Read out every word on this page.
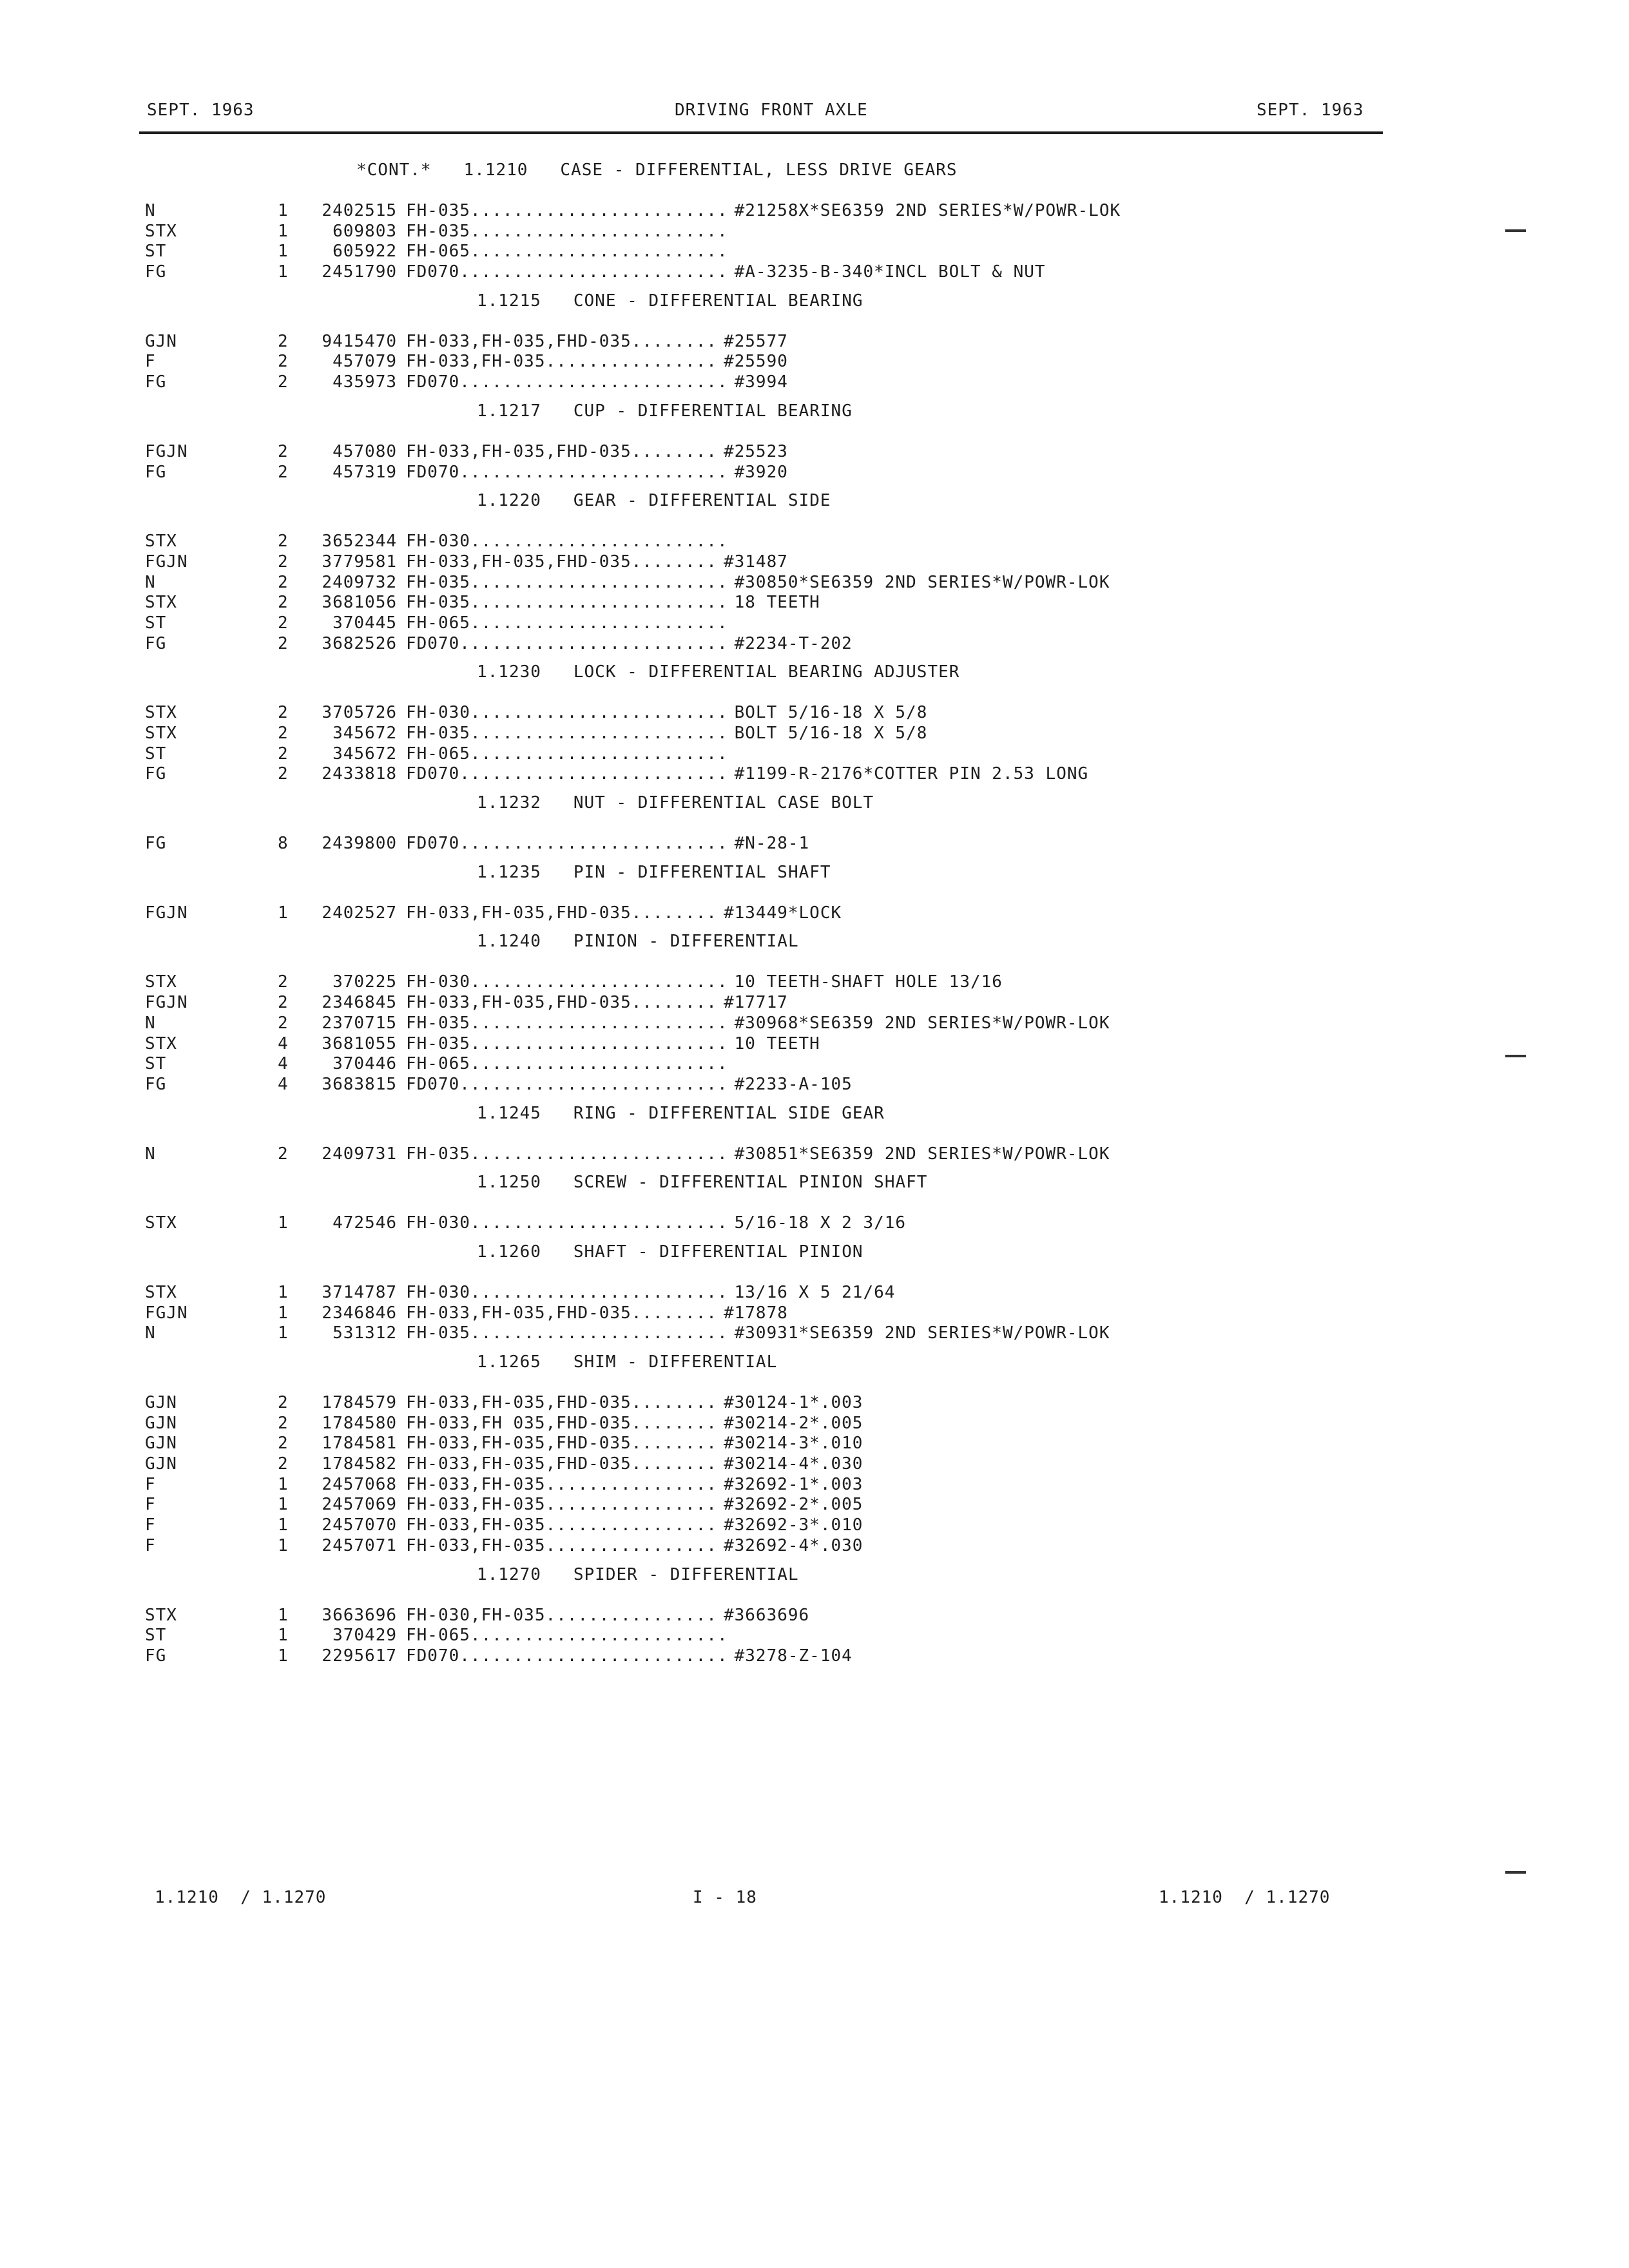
SEPT. 1963	DRIVING FRONT AXLE	SEPT. 1963
*CONT.*   1.1210   CASE - DIFFERENTIAL, LESS DRIVE GEARS
N	1 2402515 FH-035........................ #21258X*SE6359 2ND SERIES*W/POWR-LOK
STX	1	609803 FH-035........................
ST	1	605922 FH-065........................
FG	1 2451790 FD070......................... #A-3235-B-340*INCL BOLT & NUT
1.1215   CONE - DIFFERENTIAL BEARING
GJN	2 9415470 FH-033,FH-035,FHD-035........ #25577
F	2	457079 FH-033,FH-035................ #25590
FG	2	435973 FD070......................... #3994
1.1217   CUP - DIFFERENTIAL BEARING
FGJN	2	457080 FH-033,FH-035,FHD-035........ #25523
FG	2	457319 FD070......................... #3920
1.1220   GEAR - DIFFERENTIAL SIDE
STX	2 3652344 FH-030........................
FGJN	2 3779581 FH-033,FH-035,FHD-035........ #31487
N	2 2409732 FH-035........................ #30850*SE6359 2ND SERIES*W/POWR-LOK
STX	2 3681056 FH-035........................ 18 TEETH
ST	2	370445 FH-065........................
FG	2 3682526 FD070......................... #2234-T-202
1.1230   LOCK - DIFFERENTIAL BEARING ADJUSTER
STX	2 3705726 FH-030........................ BOLT 5/16-18 X 5/8
STX	2	345672 FH-035........................ BOLT 5/16-18 X 5/8
ST	2	345672 FH-065........................
FG	2 2433818 FD070......................... #1199-R-2176*COTTER PIN 2.53 LONG
1.1232   NUT - DIFFERENTIAL CASE BOLT
FG	8 2439800 FD070......................... #N-28-1
1.1235   PIN - DIFFERENTIAL SHAFT
FGJN	1 2402527 FH-033,FH-035,FHD-035........ #13449*LOCK
1.1240   PINION - DIFFERENTIAL
STX	2	370225 FH-030........................ 10 TEETH-SHAFT HOLE 13/16
FGJN	2 2346845 FH-033,FH-035,FHD-035........ #17717
N	2 2370715 FH-035........................ #30968*SE6359 2ND SERIES*W/POWR-LOK
STX	4 3681055 FH-035........................ 10 TEETH
ST	4	370446 FH-065........................
FG	4 3683815 FD070......................... #2233-A-105
1.1245   RING - DIFFERENTIAL SIDE GEAR
N	2 2409731 FH-035........................ #30851*SE6359 2ND SERIES*W/POWR-LOK
1.1250   SCREW - DIFFERENTIAL PINION SHAFT
STX	1	472546 FH-030........................ 5/16-18 X 2 3/16
1.1260   SHAFT - DIFFERENTIAL PINION
STX	1 3714787 FH-030........................ 13/16 X 5 21/64
FGJN	1 2346846 FH-033,FH-035,FHD-035........ #17878
N	1	531312 FH-035........................ #30931*SE6359 2ND SERIES*W/POWR-LOK
1.1265   SHIM - DIFFERENTIAL
GJN	2 1784579 FH-033,FH-035,FHD-035........ #30124-1*.003
GJN	2 1784580 FH-033,FH 035,FHD-035........ #30214-2*.005
GJN	2 1784581 FH-033,FH-035,FHD-035........ #30214-3*.010
GJN	2 1784582 FH-033,FH-035,FHD-035........ #30214-4*.030
F	1 2457068 FH-033,FH-035................ #32692-1*.003
F	1 2457069 FH-033,FH-035................ #32692-2*.005
F	1 2457070 FH-033,FH-035................ #32692-3*.010
F	1 2457071 FH-033,FH-035................ #32692-4*.030
1.1270   SPIDER - DIFFERENTIAL
STX	1 3663696 FH-030,FH-035................ #3663696
ST	1	370429 FH-065........................
FG	1 2295617 FD070......................... #3278-Z-104
1.1210  / 1.1270	I - 18	1.1210  / 1.1270
